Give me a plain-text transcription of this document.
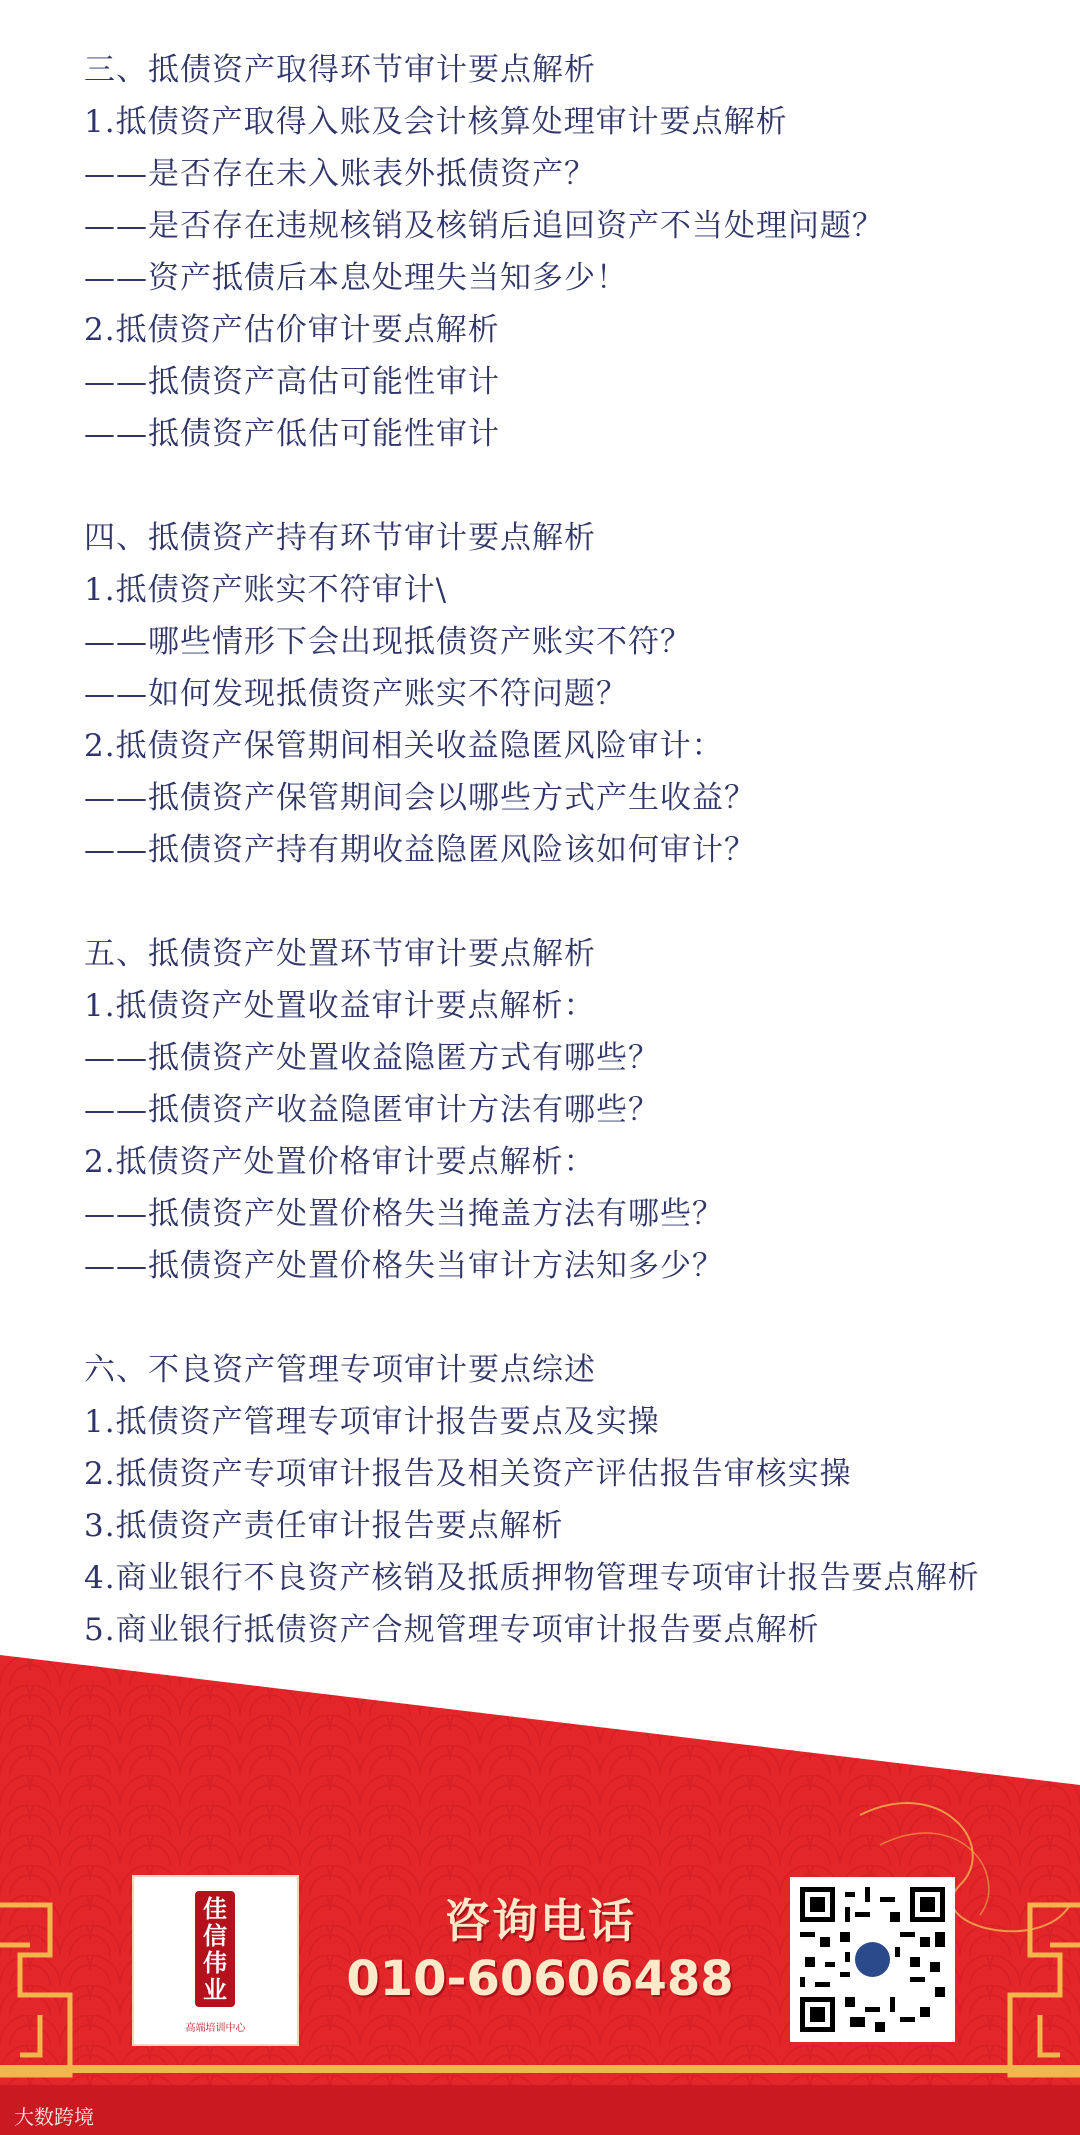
三、抵债资产取得环节审计要点解析
1.抵债资产取得入账及会计核算处理审计要点解析
——是否存在未入账表外抵债资产？
——是否存在违规核销及核销后追回资产不当处理问题？
——资产抵债后本息处理失当知多少！
2.抵债资产估价审计要点解析
——抵债资产高估可能性审计
——抵债资产低估可能性审计
四、抵债资产持有环节审计要点解析
1.抵债资产账实不符审计\
——哪些情形下会出现抵债资产账实不符？
——如何发现抵债资产账实不符问题？
2.抵债资产保管期间相关收益隐匿风险审计：
——抵债资产保管期间会以哪些方式产生收益？
——抵债资产持有期收益隐匿风险该如何审计？
五、抵债资产处置环节审计要点解析
1.抵债资产处置收益审计要点解析：
——抵债资产处置收益隐匿方式有哪些？
——抵债资产收益隐匿审计方法有哪些？
2.抵债资产处置价格审计要点解析：
——抵债资产处置价格失当掩盖方法有哪些？
——抵债资产处置价格失当审计方法知多少？
六、不良资产管理专项审计要点综述
1.抵债资产管理专项审计报告要点及实操
2.抵债资产专项审计报告及相关资产评估报告审核实操
3.抵债资产责任审计报告要点解析
4.商业银行不良资产核销及抵质押物管理专项审计报告要点解析
5.商业银行抵债资产合规管理专项审计报告要点解析
佳
信
伟
业
高端培训中心
咨询电话
010-60606488
大数跨境
